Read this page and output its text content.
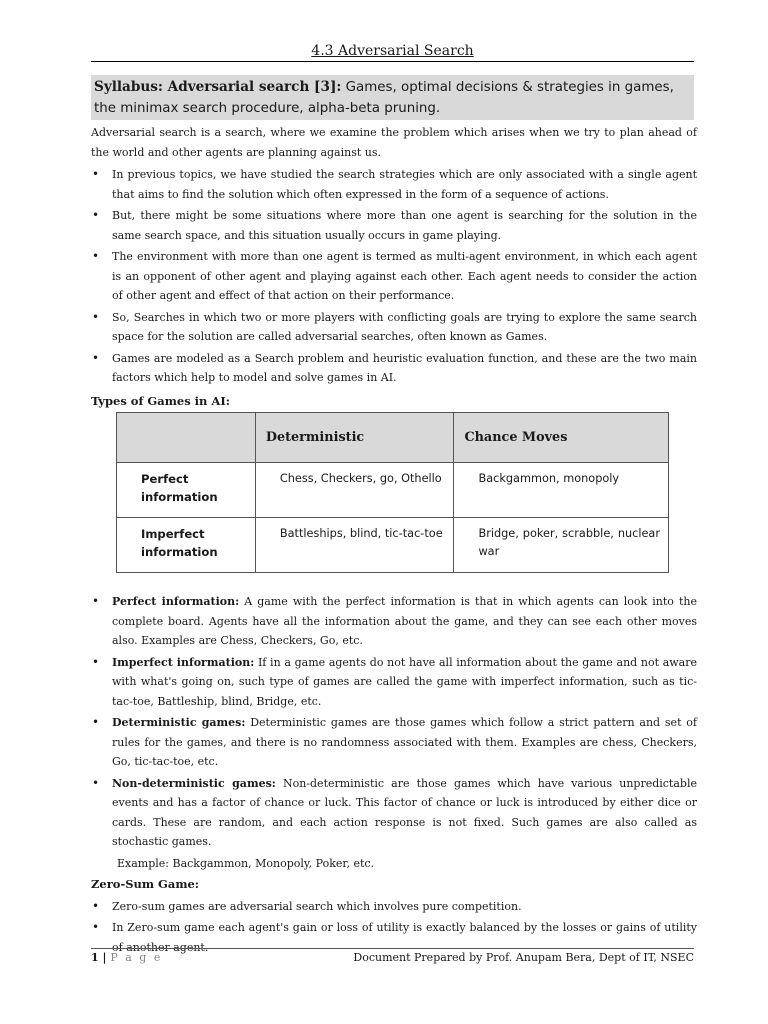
4.3 Adversarial Search
Syllabus: Adversarial search [3]: Games, optimal decisions & strategies in games, the minimax search procedure, alpha-beta pruning.

Adversarial search is a search, where we examine the problem which arises when we try to plan ahead of the world and other agents are planning against us.

• In previous topics, we have studied the search strategies which are only associated with a single agent that aims to find the solution which often expressed in the form of a sequence of actions.
• But, there might be some situations where more than one agent is searching for the solution in the same search space, and this situation usually occurs in game playing.
• The environment with more than one agent is termed as multi-agent environment, in which each agent is an opponent of other agent and playing against each other. Each agent needs to consider the action of other agent and effect of that action on their performance.
• So, Searches in which two or more players with conflicting goals are trying to explore the same search space for the solution are called adversarial searches, often known as Games.
• Games are modeled as a Search problem and heuristic evaluation function, and these are the two main factors which help to model and solve games in AI.

Types of Games in AI:

	Deterministic	Chance Moves
Perfect information	Chess, Checkers, go, Othello	Backgammon, monopoly
Imperfect information	Battleships, blind, tic-tac-toe	Bridge, poker, scrabble, nuclear war
• Perfect information: A game with the perfect information is that in which agents can look into the complete board. Agents have all the information about the game, and they can see each other moves also. Examples are Chess, Checkers, Go, etc.
• Imperfect information: If in a game agents do not have all information about the game and not aware with what's going on, such type of games are called the game with imperfect information, such as tic-tac-toe, Battleship, blind, Bridge, etc.
• Deterministic games: Deterministic games are those games which follow a strict pattern and set of rules for the games, and there is no randomness associated with them. Examples are chess, Checkers, Go, tic-tac-toe, etc.
• Non-deterministic games: Non-deterministic are those games which have various unpredictable events and has a factor of chance or luck. This factor of chance or luck is introduced by either dice or cards. These are random, and each action response is not fixed. Such games are also called as stochastic games.

Example: Backgammon, Monopoly, Poker, etc.

Zero-Sum Game:

• Zero-sum games are adversarial search which involves pure competition.
• In Zero-sum game each agent's gain or loss of utility is exactly balanced by the losses or gains of utility of another agent.
1 | P a g e	Document Prepared by Prof. Anupam Bera, Dept of IT, NSEC
